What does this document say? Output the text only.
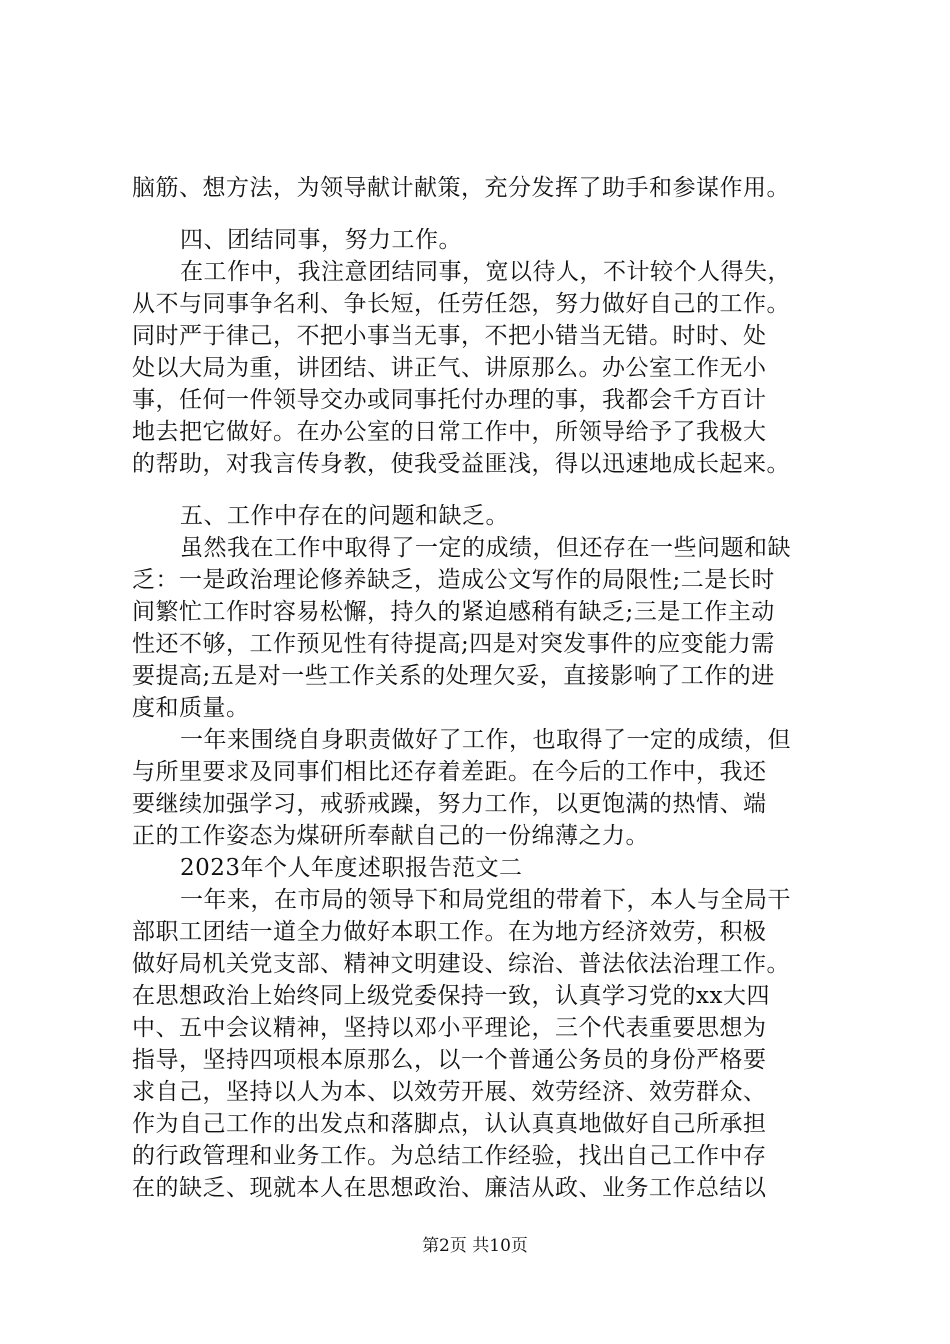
脑筋、想方法，为领导献计献策，充分发挥了助手和参谋作用。
四、团结同事，努力工作。
在工作中，我注意团结同事，宽以待人，不计较个人得失，
从不与同事争名利、争长短，任劳任怨，努力做好自己的工作。
同时严于律己，不把小事当无事，不把小错当无错。时时、处
处以大局为重，讲团结、讲正气、讲原那么。办公室工作无小
事，任何一件领导交办或同事托付办理的事，我都会千方百计
地去把它做好。在办公室的日常工作中，所领导给予了我极大
的帮助，对我言传身教，使我受益匪浅，得以迅速地成长起来。
五、工作中存在的问题和缺乏。
虽然我在工作中取得了一定的成绩，但还存在一些问题和缺
乏：一是政治理论修养缺乏，造成公文写作的局限性;二是长时
间繁忙工作时容易松懈，持久的紧迫感稍有缺乏;三是工作主动
性还不够，工作预见性有待提高;四是对突发事件的应变能力需
要提高;五是对一些工作关系的处理欠妥，直接影响了工作的进
度和质量。
一年来围绕自身职责做好了工作，也取得了一定的成绩，但
与所里要求及同事们相比还存着差距。在今后的工作中，我还
要继续加强学习，戒骄戒躁，努力工作，以更饱满的热情、端
正的工作姿态为煤研所奉献自己的一份绵薄之力。
2023年个人年度述职报告范文二
一年来，在市局的领导下和局党组的带着下，本人与全局干
部职工团结一道全力做好本职工作。在为地方经济效劳，积极
做好局机关党支部、精神文明建设、综治、普法依法治理工作。
在思想政治上始终同上级党委保持一致，认真学习党的xx大四
中、五中会议精神，坚持以邓小平理论，三个代表重要思想为
指导，坚持四项根本原那么，以一个普通公务员的身份严格要
求自己，坚持以人为本、以效劳开展、效劳经济、效劳群众、
作为自己工作的出发点和落脚点，认认真真地做好自己所承担
的行政管理和业务工作。为总结工作经验，找出自己工作中存
在的缺乏、现就本人在思想政治、廉洁从政、业务工作总结以
第2页 共10页
